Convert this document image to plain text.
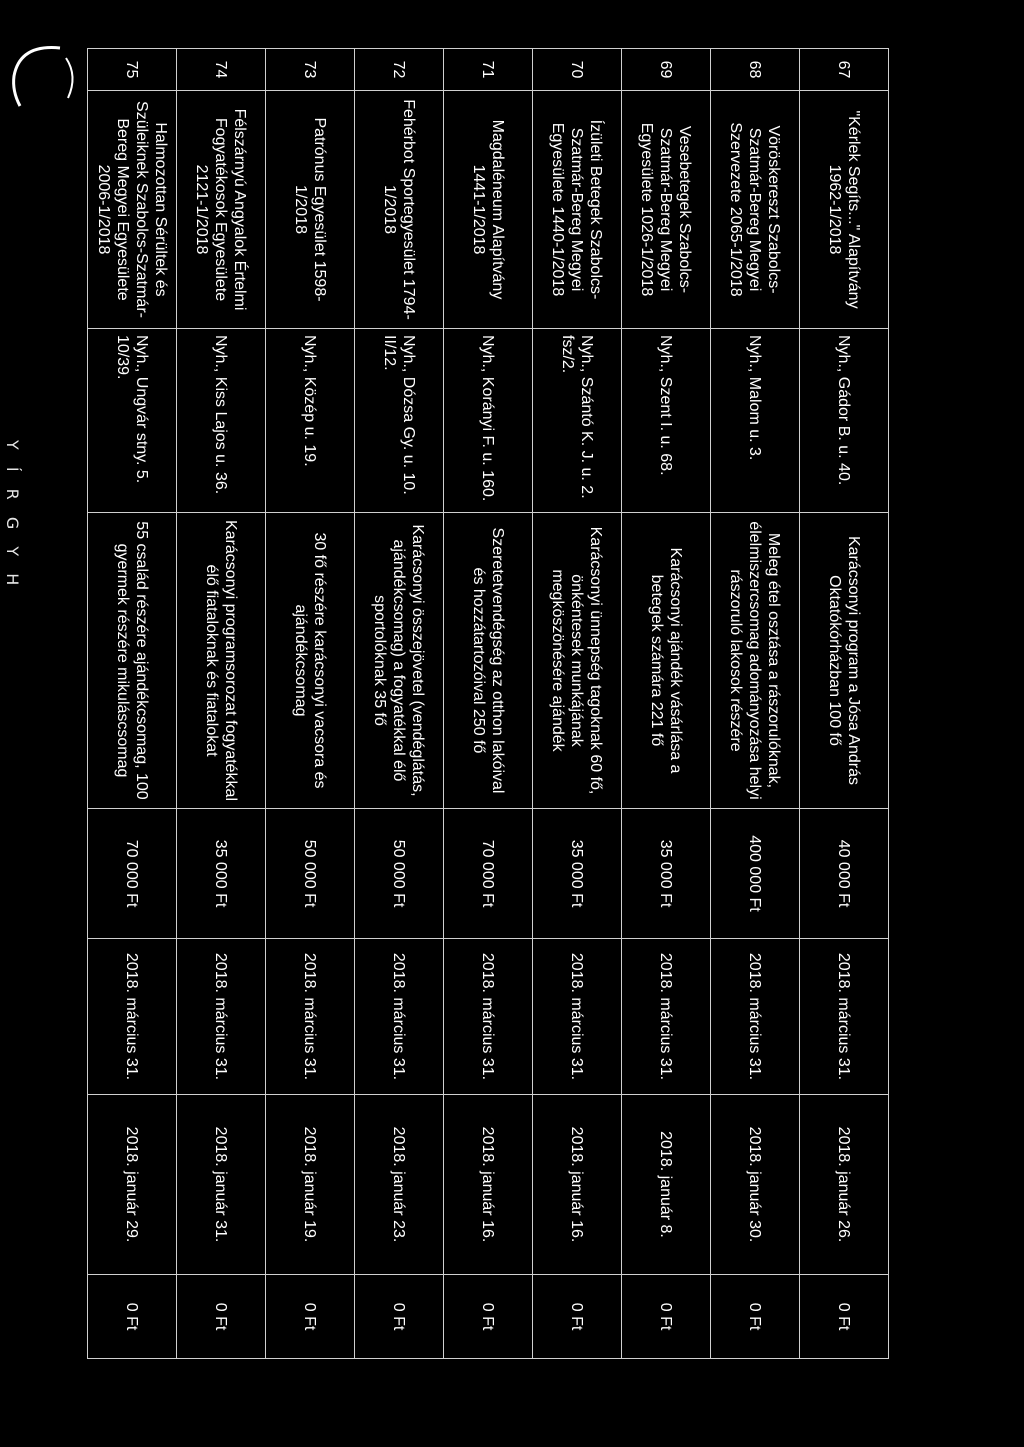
Y Í R G Y H
67	"Kérlek Segíts..." Alapítvány 1962-1/2018	Nyh., Gádor B. u. 40.	Karácsonyi program a Jósa András Oktatókórházban 100 fő	40 000 Ft	2018. március 31.	2018. január 26.	0 Ft
68	Vöröskereszt Szabolcs-Szatmár-Bereg Megyei Szervezete 2065-1/2018	Nyh., Malom u. 3.	Meleg étel osztása a rászorulóknak, élelmiszercsomag adományozása helyi rászoruló lakosok részére	400 000 Ft	2018. március 31.	2018. január 30.	0 Ft
69	Vesebetegek Szabolcs-Szatmár-Bereg Megyei Egyesülete 1026-1/2018	Nyh., Szent I. u. 68.	Karácsonyi ajándék vásárlása a betegek számára 221 fő	35 000 Ft	2018. március 31.	2018. január 8.	0 Ft
70	Ízületi Betegek Szabolcs-Szatmár-Bereg Megyei Egyesülete 1440-1/2018	Nyh., Szántó K. J. u. 2. fsz/2.	Karácsonyi ünnepség tagoknak 60 fő, önkéntesek munkájának megköszönésére ajándék	35 000 Ft	2018. március 31.	2018. január 16.	0 Ft
71	Magdaléneum Alapítvány 1441-1/2018	Nyh., Korányi F. u. 160.	Szeretetvendégség az otthon lakóival és hozzátartozóival 250 fő	70 000 Ft	2018. március 31.	2018. január 16.	0 Ft
72	Fehérbot Sportegyesület 1794-1/2018	Nyh., Dózsa Gy. u. 10. II/12.	Karácsonyi összejövetel (vendéglátás, ajándékcsomag) a fogyatékkal élő sportolóknak 35 fő	50 000 Ft	2018. március 31.	2018. január 23.	0 Ft
73	Patrónus Egyesület 1598-1/2018	Nyh., Közép u. 19.	30 fő részére karácsonyi vacsora és ajándékcsomag	50 000 Ft	2018. március 31.	2018. január 19.	0 Ft
74	Félszárnyú Angyalok Értelmi Fogyatékosok Egyesülete 2121-1/2018	Nyh., Kiss Lajos u. 36.	Karácsonyi programsorozat fogyatékkal élő fiataloknak és fiatalokat	35 000 Ft	2018. március 31.	2018. január 31.	0 Ft
75	Halmozottan Sérültek és Szüleiknek Szabolcs-Szatmár-Bereg Megyei Egyesülete 2006-1/2018	Nyh., Ungvár stny. 5. 10/39.	55 család részére ajándékcsomag, 100 gyermek részére mikuláscsomag	70 000 Ft	2018. március 31.	2018. január 29.	0 Ft
